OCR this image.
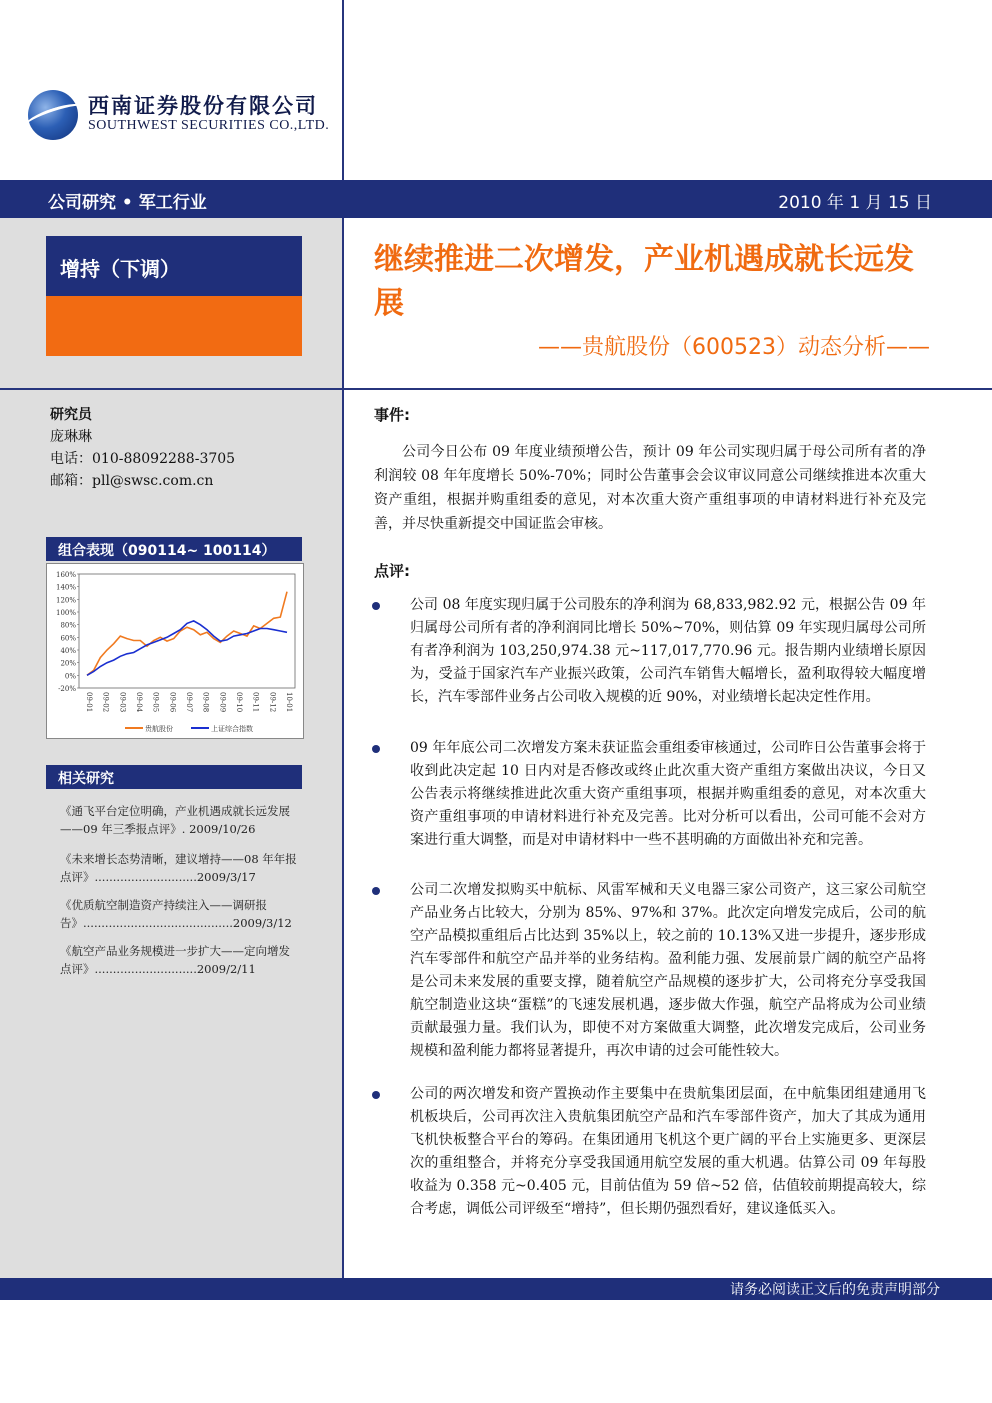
西南证券股份有限公司
SOUTHWEST SECURITIES CO.,LTD.
公司研究 • 军工行业	2010 年 1 月 15 日
增持（下调）	继续推进二次增发，产业机遇成就长远发展
——贵航股份（600523）动态分析——
研究员
庞琳琳
电话：010-88092288-3705
邮箱：pll@swsc.com.cn
组合表现（090114~ 100114）
160%
140%
120%
100%
80%
60%
40%
20%
0%
-20%
09-01 09-02 09-03 09-04 09-05 09-06 09-07 09-08 09-09 09-10 09-11 09-12 10-01
贵航股份	上证综合指数
相关研究
《通飞平台定位明确，产业机遇成就长远发展——09 年三季报点评》. 2009/10/26
《未来增长态势清晰，建议增持——08 年年报点评》............................2009/3/17
《优质航空制造资产持续注入——调研报告》.........................................2009/3/12
《航空产品业务规模进一步扩大——定向增发点评》............................2009/2/11
事件:
公司今日公布 09 年度业绩预增公告，预计 09 年公司实现归属于母公司所有者的净利润较 08 年年度增长 50%-70%；同时公告董事会会议审议同意公司继续推进本次重大资产重组，根据并购重组委的意见，对本次重大资产重组事项的申请材料进行补充及完善，并尽快重新提交中国证监会审核。
点评:
公司 08 年度实现归属于公司股东的净利润为 68,833,982.92 元，根据公告 09 年归属母公司所有者的净利润同比增长 50%~70%，则估算 09 年实现归属母公司所有者净利润为 103,250,974.38 元~117,017,770.96 元。报告期内业绩增长原因为，受益于国家汽车产业振兴政策，公司汽车销售大幅增长，盈利取得较大幅度增长，汽车零部件业务占公司收入规模的近 90%，对业绩增长起决定性作用。
09 年年底公司二次增发方案未获证监会重组委审核通过，公司昨日公告董事会将于收到此决定起 10 日内对是否修改或终止此次重大资产重组方案做出决议，今日又公告表示将继续推进此次重大资产重组事项，根据并购重组委的意见，对本次重大资产重组事项的申请材料进行补充及完善。比对分析可以看出，公司可能不会对方案进行重大调整，而是对申请材料中一些不甚明确的方面做出补充和完善。
公司二次增发拟购买中航标、风雷军械和天义电器三家公司资产，这三家公司航空产品业务占比较大，分别为 85%、97%和 37%。此次定向增发完成后，公司的航空产品模拟重组后占比达到 35%以上，较之前的 10.13%又进一步提升，逐步形成汽车零部件和航空产品并举的业务结构。盈利能力强、发展前景广阔的航空产品将是公司未来发展的重要支撑，随着航空产品规模的逐步扩大，公司将充分享受我国航空制造业这块“蛋糕”的飞速发展机遇，逐步做大作强，航空产品将成为公司业绩贡献最强力量。我们认为，即使不对方案做重大调整，此次增发完成后，公司业务规模和盈利能力都将显著提升，再次申请的过会可能性较大。
公司的两次增发和资产置换动作主要集中在贵航集团层面，在中航集团组建通用飞机板块后，公司再次注入贵航集团航空产品和汽车零部件资产，加大了其成为通用飞机快板整合平台的筹码。在集团通用飞机这个更广阔的平台上实施更多、更深层次的重组整合，并将充分享受我国通用航空发展的重大机遇。估算公司 09 年每股收益为 0.358 元~0.405 元，目前估值为 59 倍~52 倍，估值较前期提高较大，综合考虑，调低公司评级至“增持”，但长期仍强烈看好，建议逢低买入。
请务必阅读正文后的免责声明部分
